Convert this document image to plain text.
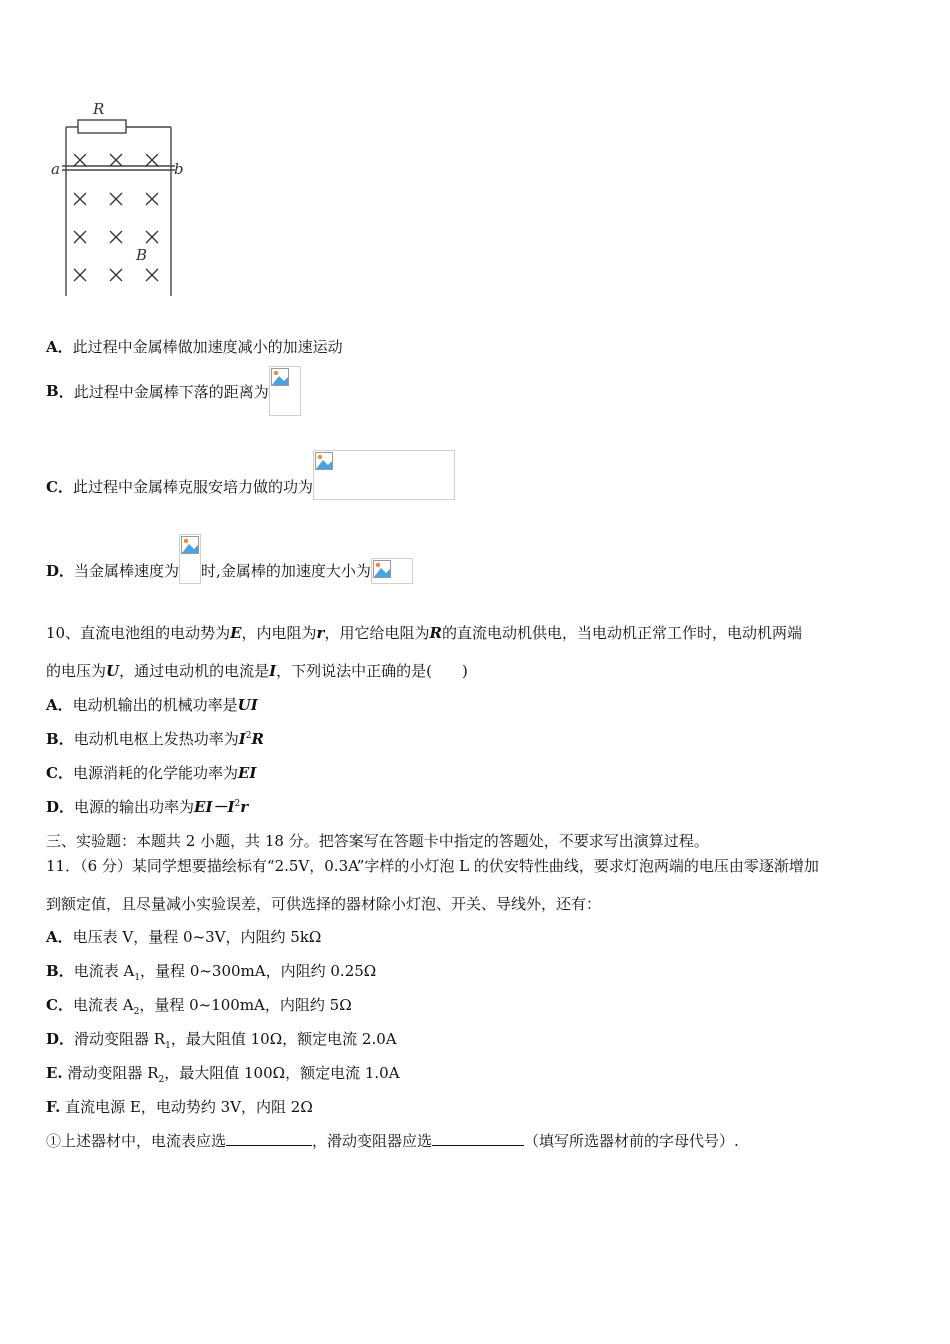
R
a	b
B
A．此过程中金属棒做加速度减小的加速运动
B ． 此过程中金属棒下落的距离为
C．此过程中金属棒克服安培力做的功为
D．当金属棒速度为 时,金属棒的加速度大小为
10、直流电池组的电动势为E，内电阻为r，用它给电阻为R的直流电动机供电，当电动机正常工作时，电动机两端
的电压为U，通过电动机的电流是I，下列说法中正确的是(　　)
A．电动机输出的机械功率是UI
B．电动机电枢上发热功率为$I^2R$
C．电源消耗的化学能功率为EI
D．电源的输出功率为$EI-I^2r$
三、实验题：本题共 2 小题，共 18 分。把答案写在答题卡中指定的答题处，不要求写出演算过程。
11．（6 分）某同学想要描绘标有“2.5V，0.3A”字样的小灯泡 L 的伏安特性曲线，要求灯泡两端的电压由零逐渐增加
到额定值，且尽量减小实验误差，可供选择的器材除小灯泡、开关、导线外，还有：
A．电压表 V，量程 0~3V，内阻约 5kΩ
B．电流表 $A_1$，量程 0~300mA，内阻约 0.25Ω
C．电流表 $A_2$，量程 0~100mA，内阻约 5Ω
D．滑动变阻器 $R_1$，最大阻值 10Ω，额定电流 2.0A
E. 滑动变阻器 $R_2$，最大阻值 100Ω，额定电流 1.0A
F. 直流电源 E，电动势约 3V，内阻 2Ω
①上述器材中，电流表应选	，滑动变阻器应选	（填写所选器材前的字母代号）.
